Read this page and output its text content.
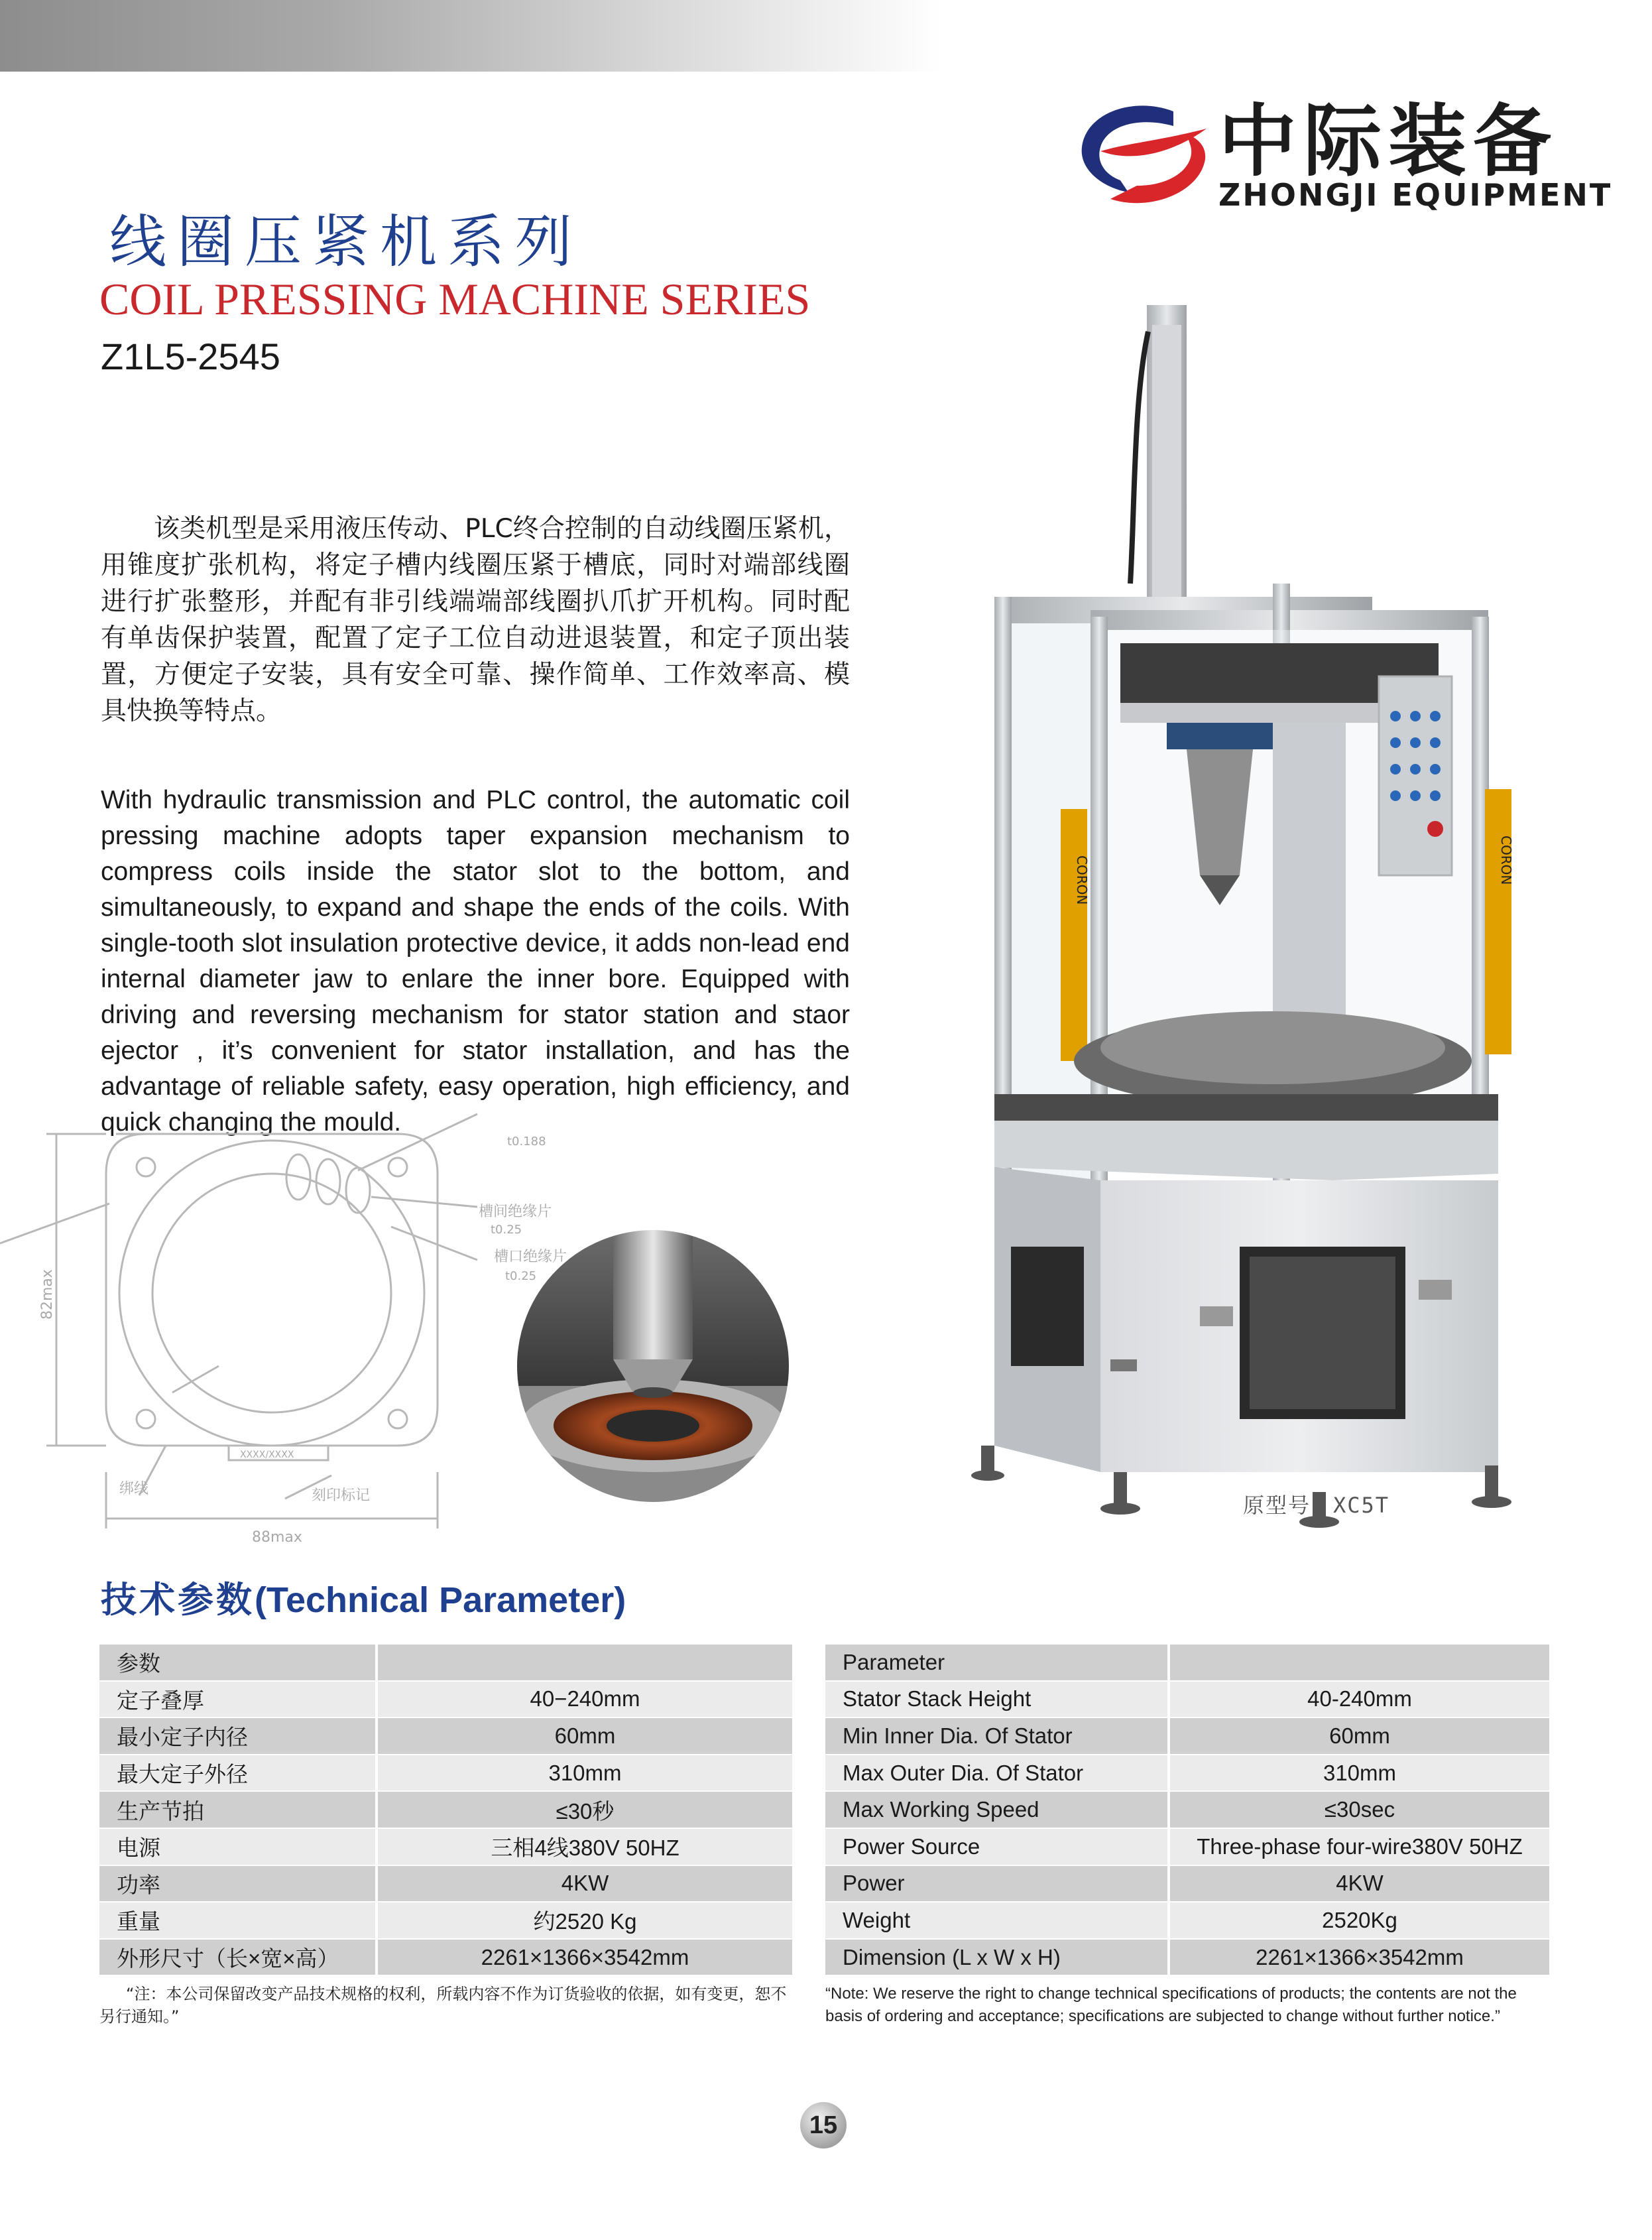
中际装备
ZHONGJI EQUIPMENT
线圈压紧机系列
COIL PRESSING MACHINE SERIES
Z1L5-2545
该类机型是采用液压传动、PLC终合控制的自动线圈压紧机，用锥度扩张机构，将定子槽内线圈压紧于槽底，同时对端部线圈进行扩张整形，并配有非引线端端部线圈扒爪扩开机构。同时配有单齿保护装置，配置了定子工位自动进退装置，和定子顶出装置，方便定子安装，具有安全可靠、操作简单、工作效率高、模具快换等特点。
With hydraulic transmission and PLC control, the automatic coil pressing machine adopts taper expansion mechanism to compress coils inside the stator slot to the bottom, and simultaneously, to expand and shape the ends of the coils. With single-tooth slot insulation protective device, it adds non-lead end internal diameter jaw to enlare the inner bore. Equipped with driving and reversing mechanism for stator station and staor ejector , it’s convenient for stator installation, and has the advantage of reliable safety, easy operation, high efficiency, and quick changing the mould.
88max
82max
槽间绝缘片
t0.25
槽口绝缘片
t0.25
t0.188
绑线	刻印标记
XXXX/XXXX
CORON	CORON
原型号：XC5T
技术参数(Technical Parameter)
参数	
定子叠厚	40−240mm
最小定子内径	60mm
最大定子外径	310mm
生产节拍	≤30秒
电源	三相4线380V 50HZ
功率	4KW
重量	约2520 Kg
外形尺寸（长×宽×高）	2261×1366×3542mm
Parameter	
Stator Stack Height	40-240mm
Min Inner Dia. Of Stator	60mm
Max Outer Dia. Of Stator	310mm
Max Working Speed	≤30sec
Power Source	Three-phase four-wire380V 50HZ
Power	4KW
Weight	2520Kg
Dimension (L x W x H)	2261×1366×3542mm
“注：本公司保留改变产品技术规格的权利，所载内容不作为订货验收的依据，如有变更，恕不另行通知。”
“Note: We reserve the right to change technical specifications of products; the contents are not the basis of ordering and acceptance; specifications are subjected to change without further notice.”
15
